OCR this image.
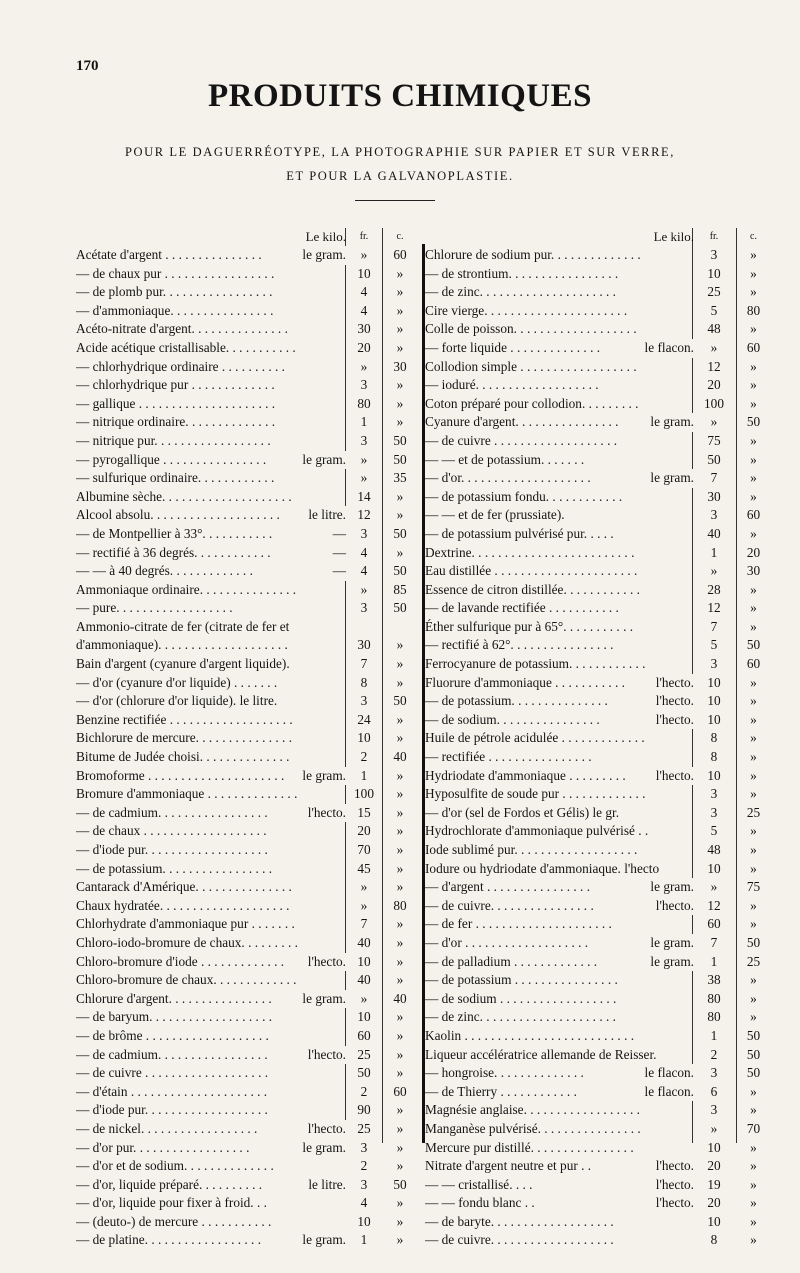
170
PRODUITS CHIMIQUES
POUR LE DAGUERRÉOTYPE, LA PHOTOGRAPHIE SUR PAPIER ET SUR VERRE,
ET POUR LA GALVANOPLASTIE.
Le kilo.	fr.	c.
Acétate d'argent . . . . . . . . . . . . . . .	le gram.	»	60
— de chaux pur . . . . . . . . . . . . . . . . .	10	»
— de plomb pur. . . . . . . . . . . . . . . . .	4	»
— d'ammoniaque. . . . . . . . . . . . . . . .	4	»
Acéto-nitrate d'argent. . . . . . . . . . . . . . .	30	»
Acide acétique cristallisable. . . . . . . . . . .	20	»
— chlorhydrique ordinaire . . . . . . . . . .	»	30
— chlorhydrique pur . . . . . . . . . . . . .	3	»
— gallique . . . . . . . . . . . . . . . . . . . . .	80	»
— nitrique ordinaire. . . . . . . . . . . . . .	1	»
— nitrique pur. . . . . . . . . . . . . . . . . .	3	50
— pyrogallique . . . . . . . . . . . . . . . .	le gram.	»	50
— sulfurique ordinaire. . . . . . . . . . . .	»	35
Albumine sèche. . . . . . . . . . . . . . . . . . . .	14	»
Alcool absolu. . . . . . . . . . . . . . . . . . . .	le litre. 12	»
— de Montpellier à 33°. . . . . . . . . . .	—	3	50
— rectifié à 36 degrés. . . . . . . . . . . .	—	4	»
— — à 40 degrés. . . . . . . . . . . . .	—	4	50
Ammoniaque ordinaire. . . . . . . . . . . . . . .	»	85
— pure. . . . . . . . . . . . . . . . . .	3	50
Ammonio-citrate de fer (citrate de fer et
d'ammoniaque). . . . . . . . . . . . . . . . . . . .	30	»
Bain d'argent (cyanure d'argent liquide).	7	»
— d'or (cyanure d'or liquide) . . . . . . .	8	»
— d'or (chlorure d'or liquide). le litre.	3	50
Benzine rectifiée . . . . . . . . . . . . . . . . . . .	24	»
Bichlorure de mercure. . . . . . . . . . . . . . .	10	»
Bitume de Judée choisi. . . . . . . . . . . . . .	2	40
Bromoforme . . . . . . . . . . . . . . . . . . . . .	le gram.	1	»
Bromure d'ammoniaque . . . . . . . . . . . . . .	100	»
— de cadmium. . . . . . . . . . . . . . . . .	l'hecto. 15	»
— de chaux . . . . . . . . . . . . . . . . . . .	20	»
— d'iode pur. . . . . . . . . . . . . . . . . . .	70	»
— de potassium. . . . . . . . . . . . . . . . .	45	»
Cantarack d'Amérique. . . . . . . . . . . . . . .	»	»
Chaux hydratée. . . . . . . . . . . . . . . . . . . .	»	80
Chlorhydrate d'ammoniaque pur . . . . . . .	7	»
Chloro-iodo-bromure de chaux. . . . . . . . .	40	»
Chloro-bromure d'iode . . . . . . . . . . . . .	l'hecto. 10	»
Chloro-bromure de chaux. . . . . . . . . . . . .	40	»
Chlorure d'argent. . . . . . . . . . . . . . . .	le gram.	»	40
— de baryum. . . . . . . . . . . . . . . . . . .	10	»
— de brôme . . . . . . . . . . . . . . . . . . .	60	»
— de cadmium. . . . . . . . . . . . . . . . .	l'hecto. 25	»
— de cuivre . . . . . . . . . . . . . . . . . . .	50	»
— d'étain . . . . . . . . . . . . . . . . . . . . .	2	60
— d'iode pur. . . . . . . . . . . . . . . . . . .	90	»
— de nickel. . . . . . . . . . . . . . . . . .	l'hecto. 25	»
— d'or pur. . . . . . . . . . . . . . . . . .	le gram.	3	»
— d'or et de sodium. . . . . . . . . . . . . .	2	»
— d'or, liquide préparé. . . . . . . . . .	le litre.	3	50
— d'or, liquide pour fixer à froid. . .	4	»
— (deuto-) de mercure . . . . . . . . . . .	10	»
— de platine. . . . . . . . . . . . . . . . . .	le gram.	1	»
Le kilo.	fr.	c.
Chlorure de sodium pur. . . . . . . . . . . . . .	3	»
— de strontium. . . . . . . . . . . . . . . . .	10	»
— de zinc. . . . . . . . . . . . . . . . . . . . .	25	»
Cire vierge. . . . . . . . . . . . . . . . . . . . . .	5	80
Colle de poisson. . . . . . . . . . . . . . . . . . .	48	»
— forte liquide . . . . . . . . . . . . . .	le flacon.	»	60
Collodion simple . . . . . . . . . . . . . . . . . .	12	»
— ioduré. . . . . . . . . . . . . . . . . . .	20	»
Coton préparé pour collodion. . . . . . . . .	100	»
Cyanure d'argent. . . . . . . . . . . . . . . .	le gram.	»	50
— de cuivre . . . . . . . . . . . . . . . . . . .	75	»
— — et de potassium. . . . . . .	50	»
— d'or. . . . . . . . . . . . . . . . . . . .	le gram.	7	»
— de potassium fondu. . . . . . . . . . . .	30	»
— — et de fer (prussiate).	3	60
— de potassium pulvérisé pur. . . . .	40	»
Dextrine. . . . . . . . . . . . . . . . . . . . . . . . .	1	20
Eau distillée . . . . . . . . . . . . . . . . . . . . . .	»	30
Essence de citron distillée. . . . . . . . . . . .	28	»
— de lavande rectifiée . . . . . . . . . . .	12	»
Éther sulfurique pur à 65°. . . . . . . . . . .	7	»
— rectifié à 62°. . . . . . . . . . . . . . . .	5	50
Ferrocyanure de potassium. . . . . . . . . . . .	3	60
Fluorure d'ammoniaque . . . . . . . . . . .	l'hecto.	10	»
— de potassium. . . . . . . . . . . . . . .	l'hecto.	10	»
— de sodium. . . . . . . . . . . . . . . .	l'hecto.	10	»
Huile de pétrole acidulée . . . . . . . . . . . . .	8	»
— rectifiée . . . . . . . . . . . . . . . .	8	»
Hydriodate d'ammoniaque . . . . . . . . .	l'hecto.	10	»
Hyposulfite de soude pur . . . . . . . . . . . . .	3	»
— d'or (sel de Fordos et Gélis) le gr.	3	25
Hydrochlorate d'ammoniaque pulvérisé . .	5	»
Iode sublimé pur. . . . . . . . . . . . . . . . . . .	48	»
Iodure ou hydriodate d'ammoniaque. l'hecto	10	»
— d'argent . . . . . . . . . . . . . . . .	le gram.	»	75
— de cuivre. . . . . . . . . . . . . . . .	l'hecto.	12	»
— de fer . . . . . . . . . . . . . . . . . . . . .	60	»
— d'or . . . . . . . . . . . . . . . . . . .	le gram.	7	50
— de palladium . . . . . . . . . . . . .	le gram.	1	25
— de potassium . . . . . . . . . . . . . . . .	38	»
— de sodium . . . . . . . . . . . . . . . . . .	80	»
— de zinc. . . . . . . . . . . . . . . . . . . . .	80	»
Kaolin . . . . . . . . . . . . . . . . . . . . . . . . . .	1	50
Liqueur accélératrice allemande de Reisser.	2	50
— hongroise. . . . . . . . . . . . . .	le flacon.	3	50
— de Thierry . . . . . . . . . . . .	le flacon.	6	»
Magnésie anglaise. . . . . . . . . . . . . . . . . .	3	»
Manganèse pulvérisé. . . . . . . . . . . . . . . .	»	70
Mercure pur distillé. . . . . . . . . . . . . . . .	10	»
Nitrate d'argent neutre et pur . .	l'hecto.	20	»
— — cristallisé. . . .	l'hecto.	19	»
— — fondu blanc . .	l'hecto.	20	»
— de baryte. . . . . . . . . . . . . . . . . . .	10	»
— de cuivre. . . . . . . . . . . . . . . . . . .	8	»
